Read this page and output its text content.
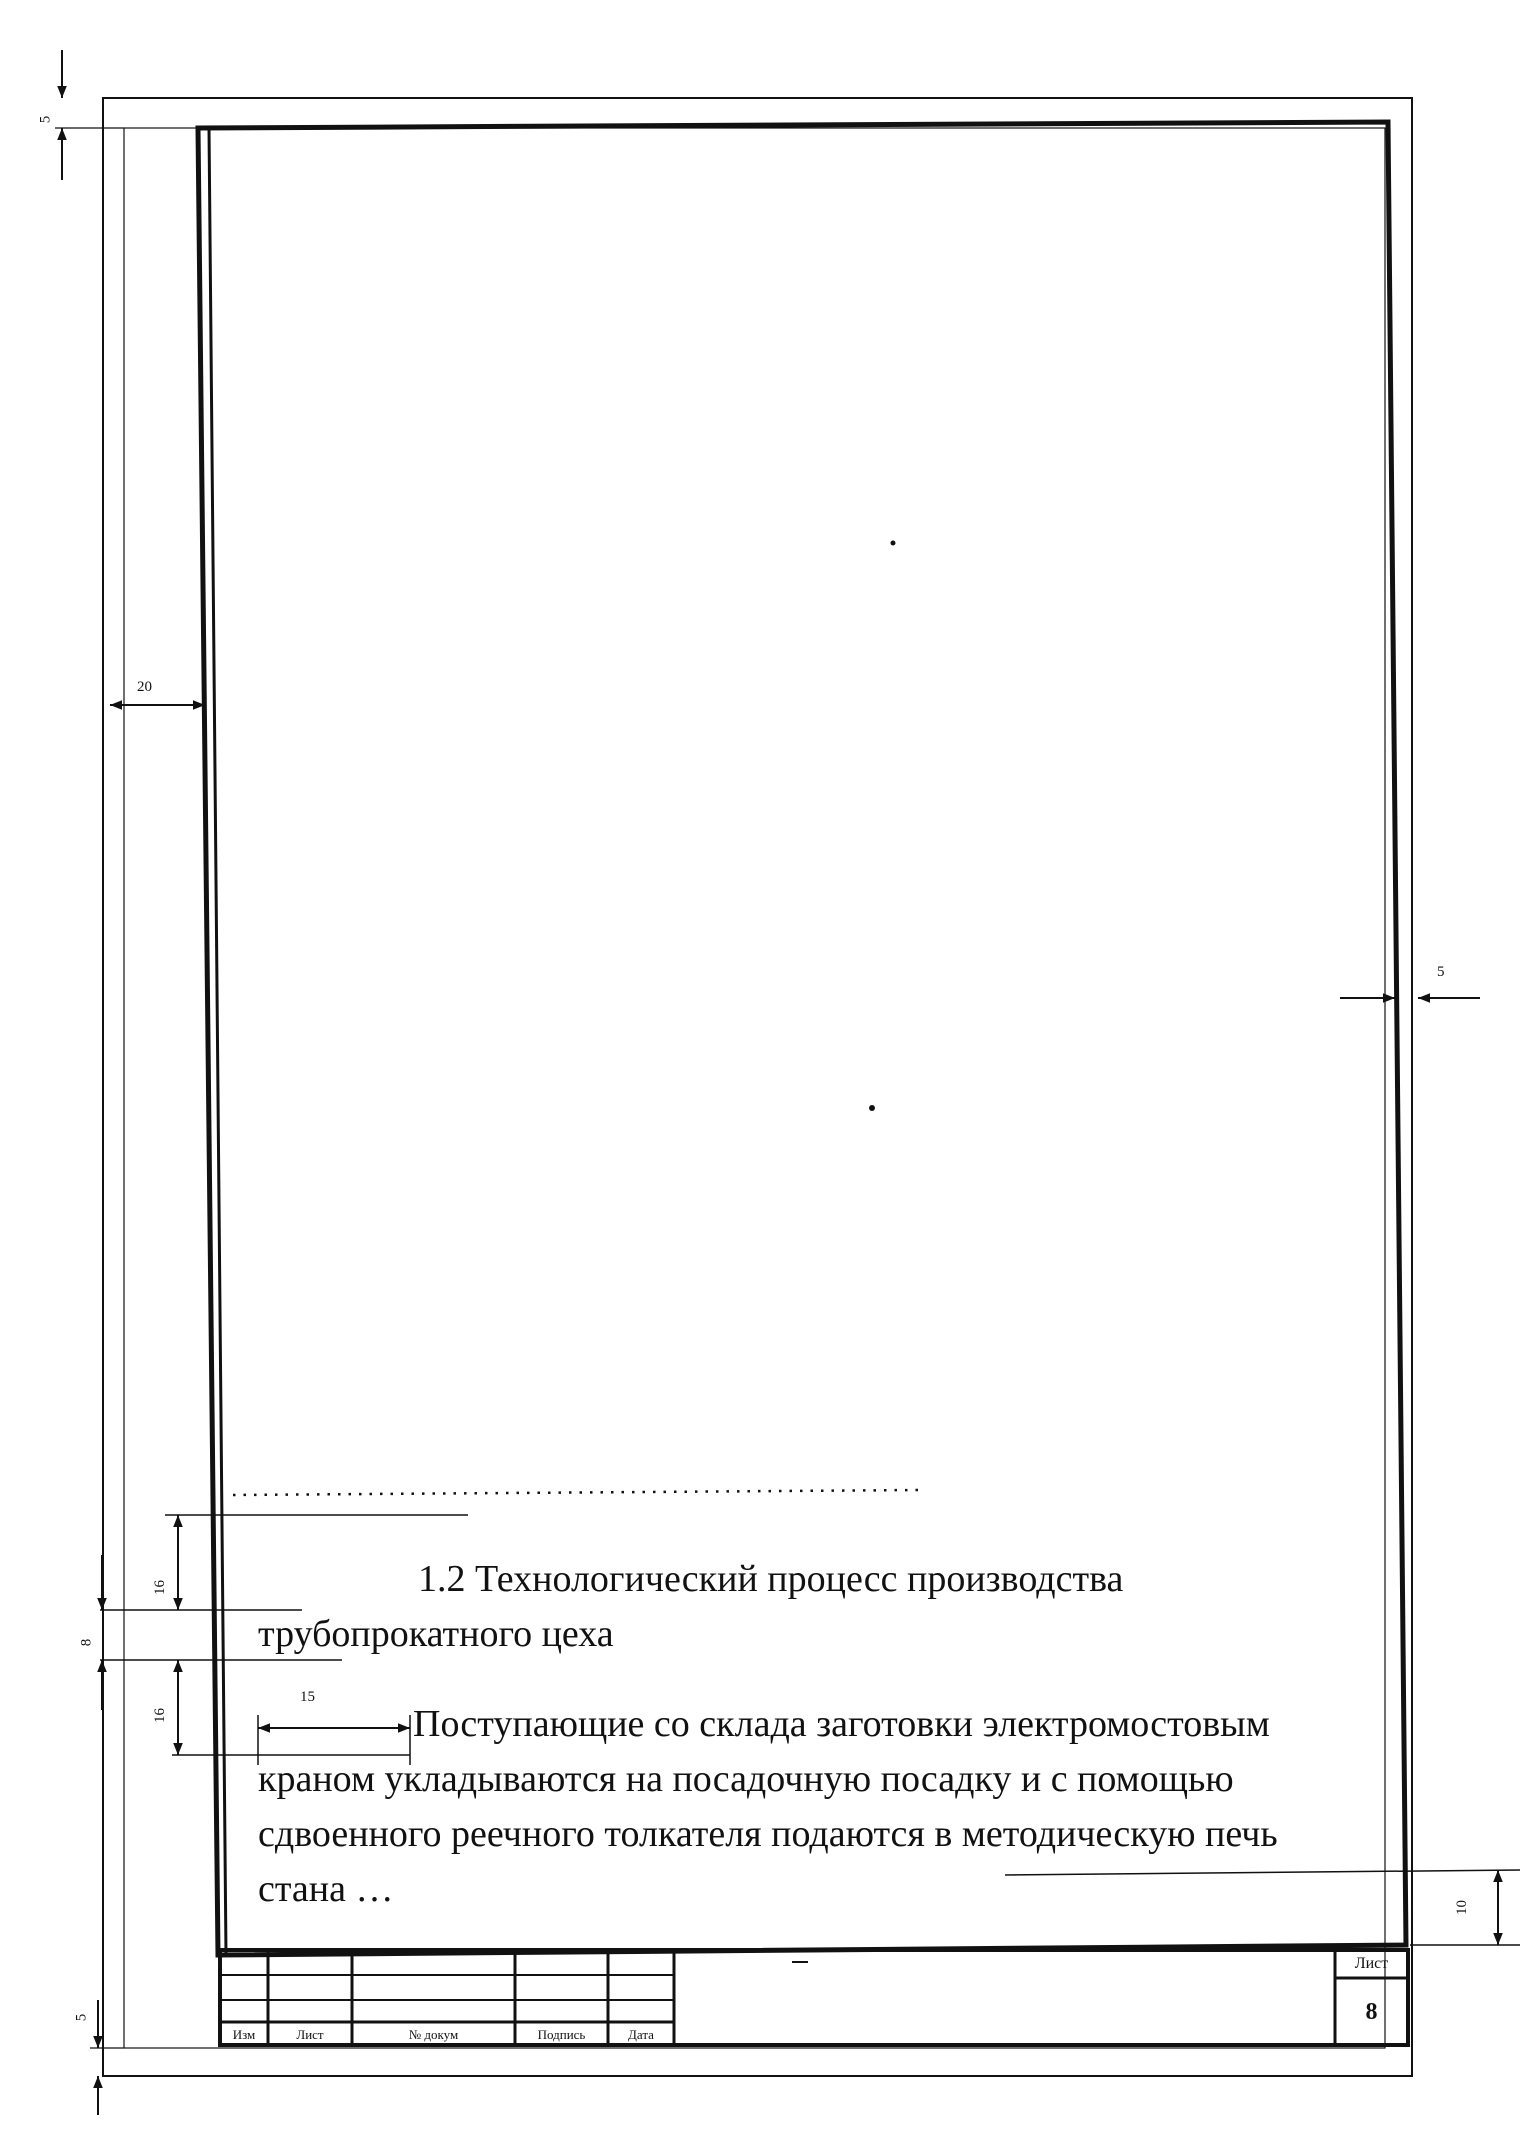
5
20
5
16
8
16
15
10
5
1.2 Технологический процесс производства
трубопрокатного цеха
Поступающие со склада заготовки электромостовым
краном укладываются на посадочную посадку и с помощью
сдвоенного реечного толкателя подаются в методическую печь
стана …
Изм	Лист	№ докум	Подпись	Дата
Лист
8
